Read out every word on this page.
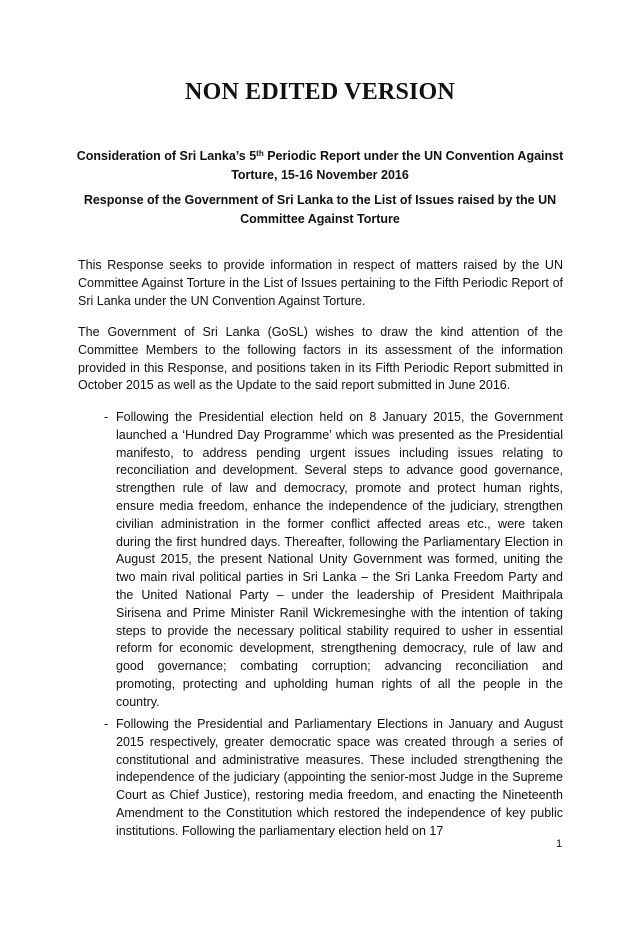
NON EDITED VERSION
Consideration of Sri Lanka’s 5th Periodic Report under the UN Convention Against Torture, 15-16 November 2016
Response of the Government of Sri Lanka to the List of Issues raised by the UN Committee Against Torture
This Response seeks to provide information in respect of matters raised by the UN Committee Against Torture in the List of Issues pertaining to the Fifth Periodic Report of Sri Lanka under the UN Convention Against Torture.
The Government of Sri Lanka (GoSL) wishes to draw the kind attention of the Committee Members to the following factors in its assessment of the information provided in this Response, and positions taken in its Fifth Periodic Report submitted in October 2015 as well as the Update to the said report submitted in June 2016.
- Following the Presidential election held on 8 January 2015, the Government launched a ‘Hundred Day Programme’ which was presented as the Presidential manifesto, to address pending urgent issues including issues relating to reconciliation and development. Several steps to advance good governance, strengthen rule of law and democracy, promote and protect human rights, ensure media freedom, enhance the independence of the judiciary, strengthen civilian administration in the former conflict affected areas etc., were taken during the first hundred days. Thereafter, following the Parliamentary Election in August 2015, the present National Unity Government was formed, uniting the two main rival political parties in Sri Lanka – the Sri Lanka Freedom Party and the United National Party – under the leadership of President Maithripala Sirisena and Prime Minister Ranil Wickremesinghe with the intention of taking steps to provide the necessary political stability required to usher in essential reform for economic development, strengthening democracy, rule of law and good governance; combating corruption; advancing reconciliation and promoting, protecting and upholding human rights of all the people in the country.
- Following the Presidential and Parliamentary Elections in January and August 2015 respectively, greater democratic space was created through a series of constitutional and administrative measures. These included strengthening the independence of the judiciary (appointing the senior-most Judge in the Supreme Court as Chief Justice), restoring media freedom, and enacting the Nineteenth Amendment to the Constitution which restored the independence of key public institutions. Following the parliamentary election held on 17
1
